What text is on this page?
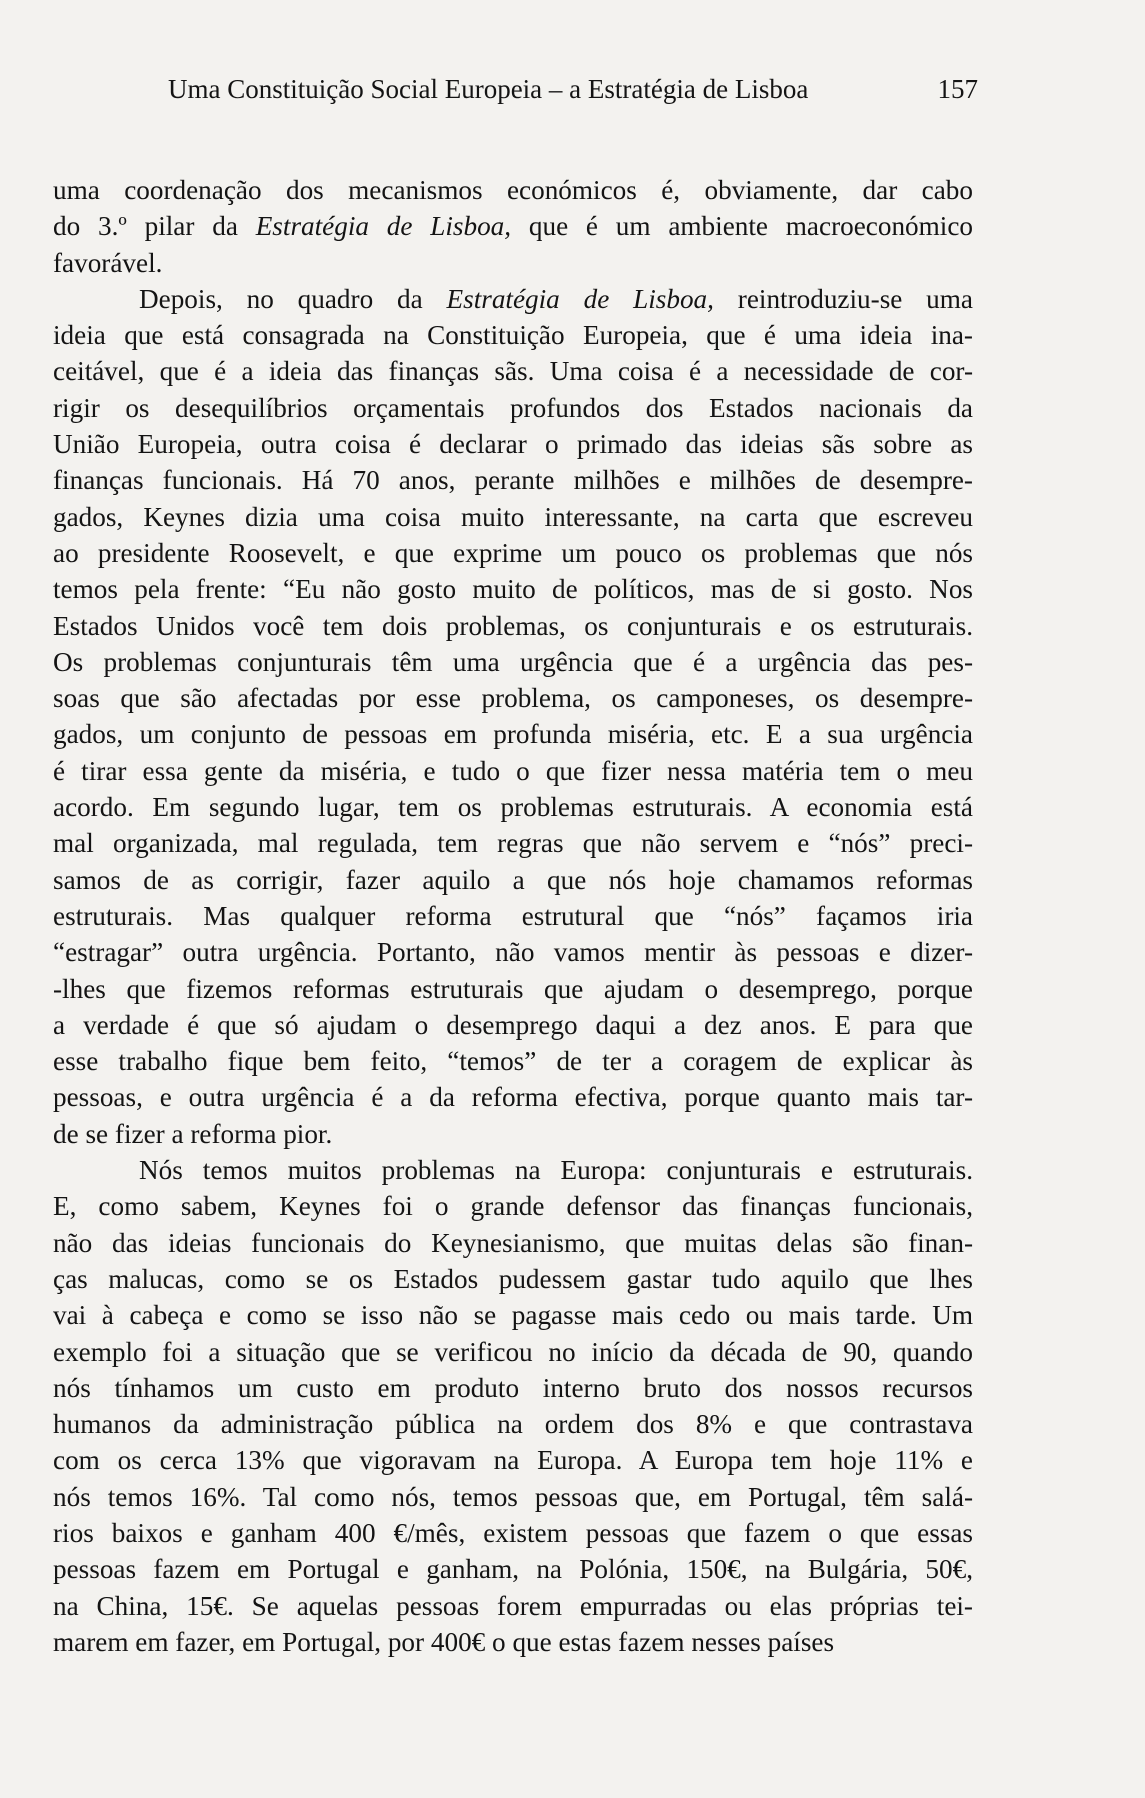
Uma Constituição Social Europeia – a Estratégia de Lisboa	157
uma coordenação dos mecanismos económicos é, obviamente, dar cabo
do 3.º pilar da Estratégia de Lisboa, que é um ambiente macroeconómico
favorável.
Depois, no quadro da Estratégia de Lisboa, reintroduziu-se uma
ideia que está consagrada na Constituição Europeia, que é uma ideia ina-
ceitável, que é a ideia das finanças sãs. Uma coisa é a necessidade de cor-
rigir os desequilíbrios orçamentais profundos dos Estados nacionais da
União Europeia, outra coisa é declarar o primado das ideias sãs sobre as
finanças funcionais. Há 70 anos, perante milhões e milhões de desempre-
gados, Keynes dizia uma coisa muito interessante, na carta que escreveu
ao presidente Roosevelt, e que exprime um pouco os problemas que nós
temos pela frente: “Eu não gosto muito de políticos, mas de si gosto. Nos
Estados Unidos você tem dois problemas, os conjunturais e os estruturais.
Os problemas conjunturais têm uma urgência que é a urgência das pes-
soas que são afectadas por esse problema, os camponeses, os desempre-
gados, um conjunto de pessoas em profunda miséria, etc. E a sua urgência
é tirar essa gente da miséria, e tudo o que fizer nessa matéria tem o meu
acordo. Em segundo lugar, tem os problemas estruturais. A economia está
mal organizada, mal regulada, tem regras que não servem e “nós” preci-
samos de as corrigir, fazer aquilo a que nós hoje chamamos reformas
estruturais. Mas qualquer reforma estrutural que “nós” façamos iria
“estragar” outra urgência. Portanto, não vamos mentir às pessoas e dizer-
-lhes que fizemos reformas estruturais que ajudam o desemprego, porque
a verdade é que só ajudam o desemprego daqui a dez anos. E para que
esse trabalho fique bem feito, “temos” de ter a coragem de explicar às
pessoas, e outra urgência é a da reforma efectiva, porque quanto mais tar-
de se fizer a reforma pior.
Nós temos muitos problemas na Europa: conjunturais e estruturais.
E, como sabem, Keynes foi o grande defensor das finanças funcionais,
não das ideias funcionais do Keynesianismo, que muitas delas são finan-
ças malucas, como se os Estados pudessem gastar tudo aquilo que lhes
vai à cabeça e como se isso não se pagasse mais cedo ou mais tarde. Um
exemplo foi a situação que se verificou no início da década de 90, quando
nós tínhamos um custo em produto interno bruto dos nossos recursos
humanos da administração pública na ordem dos 8% e que contrastava
com os cerca 13% que vigoravam na Europa. A Europa tem hoje 11% e
nós temos 16%. Tal como nós, temos pessoas que, em Portugal, têm salá-
rios baixos e ganham 400 €/mês, existem pessoas que fazem o que essas
pessoas fazem em Portugal e ganham, na Polónia, 150€, na Bulgária, 50€,
na China, 15€. Se aquelas pessoas forem empurradas ou elas próprias tei-
marem em fazer, em Portugal, por 400€ o que estas fazem nesses países
